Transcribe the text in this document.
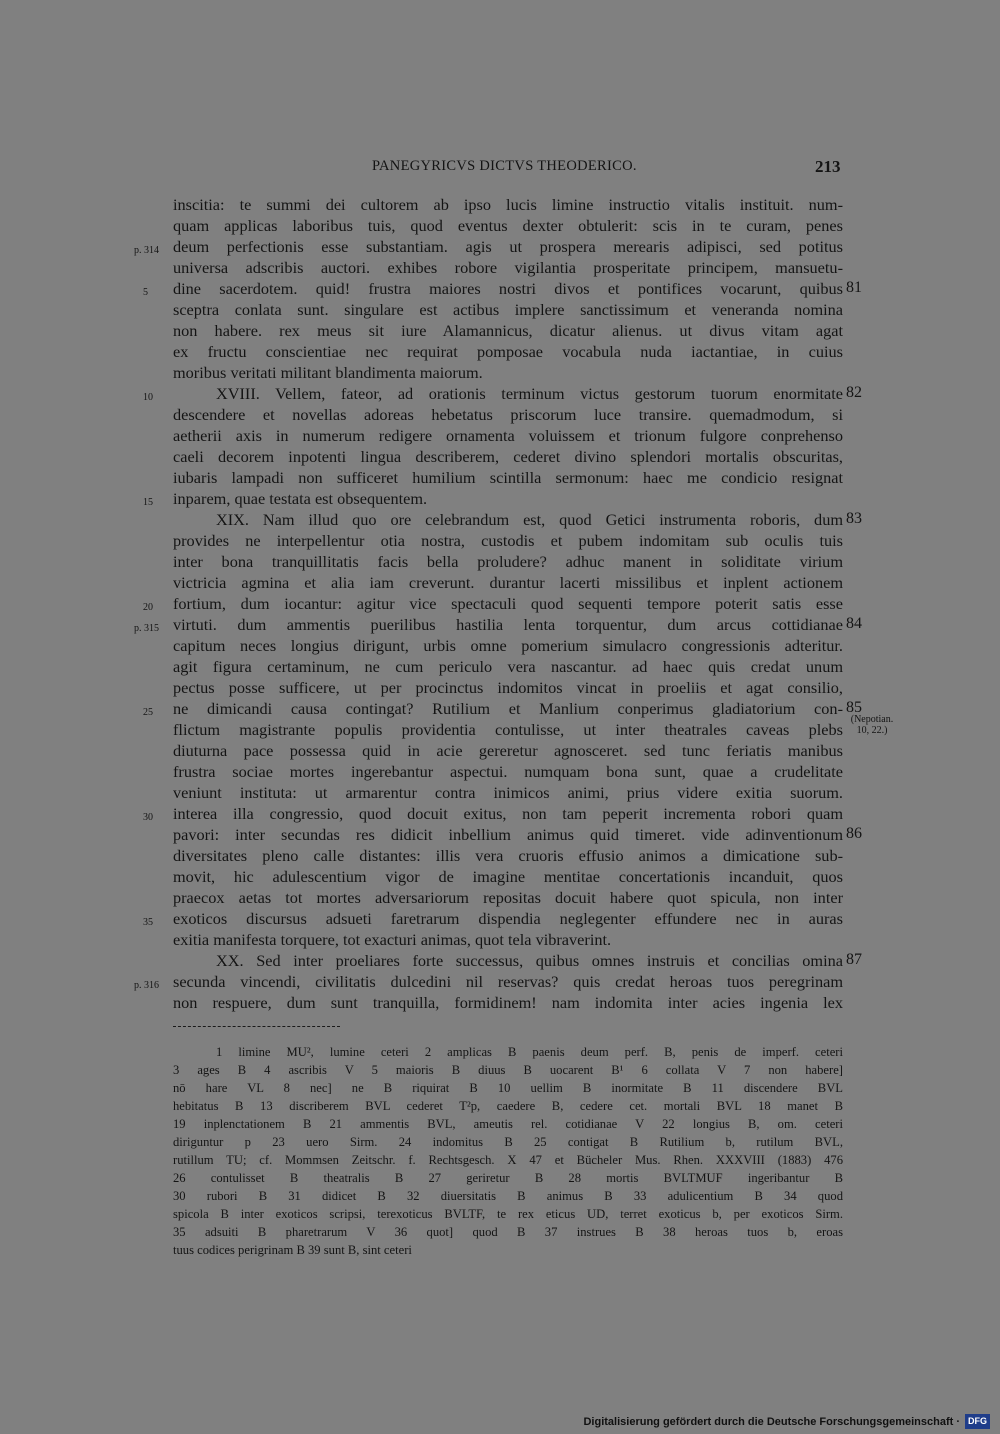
PANEGYRICVS DICTVS THEODERICO.	213
inscitia: te summi dei cultorem ab ipso lucis limine instructio vitalis instituit. num-
quam applicas laboribus tuis, quod eventus dexter obtulerit: scis in te curam, penes
deum perfectionis esse substantiam. agis ut prospera merearis adipisci, sed potitus
universa adscribis auctori. exhibes robore vigilantia prosperitate principem, mansuetu-
dine sacerdotem. quid! frustra maiores nostri divos et pontifices vocarunt, quibus
sceptra conlata sunt. singulare est actibus implere sanctissimum et veneranda nomina
non habere. rex meus sit iure Alamannicus, dicatur alienus. ut divus vitam agat
ex fructu conscientiae nec requirat pomposae vocabula nuda iactantiae, in cuius
moribus veritati militant blandimenta maiorum.
XVIII. Vellem, fateor, ad orationis terminum victus gestorum tuorum enormitate
descendere et novellas adoreas hebetatus priscorum luce transire. quemadmodum, si
aetherii axis in numerum redigere ornamenta voluissem et trionum fulgore conprehenso
caeli decorem inpotenti lingua describerem, cederet divino splendori mortalis obscuritas,
iubaris lampadi non sufficeret humilium scintilla sermonum: haec me condicio resignat
inparem, quae testata est obsequentem.
XIX. Nam illud quo ore celebrandum est, quod Getici instrumenta roboris, dum
provides ne interpellentur otia nostra, custodis et pubem indomitam sub oculis tuis
inter bona tranquillitatis facis bella proludere? adhuc manent in soliditate virium
victricia agmina et alia iam creverunt. durantur lacerti missilibus et inplent actionem
fortium, dum iocantur: agitur vice spectaculi quod sequenti tempore poterit satis esse
virtuti. dum ammentis puerilibus hastilia lenta torquentur, dum arcus cottidianae
capitum neces longius dirigunt, urbis omne pomerium simulacro congressionis adteritur.
agit figura certaminum, ne cum periculo vera nascantur. ad haec quis credat unum
pectus posse sufficere, ut per procinctus indomitos vincat in proeliis et agat consilio,
ne dimicandi causa contingat? Rutilium et Manlium conperimus gladiatorium con-
flictum magistrante populis providentia contulisse, ut inter theatrales caveas plebs
diuturna pace possessa quid in acie gereretur agnosceret. sed tunc feriatis manibus
frustra sociae mortes ingerebantur aspectui. numquam bona sunt, quae a crudelitate
veniunt instituta: ut armarentur contra inimicos animi, prius videre exitia suorum.
interea illa congressio, quod docuit exitus, non tam peperit incrementa robori quam
pavori: inter secundas res didicit inbellium animus quid timeret. vide adinventionum
diversitates pleno calle distantes: illis vera cruoris effusio animos a dimicatione sub-
movit, hic adulescentium vigor de imagine mentitae concertationis incanduit, quos
praecox aetas tot mortes adversariorum repositas docuit habere quot spicula, non inter
exoticos discursus adsueti faretrarum dispendia neglegenter effundere nec in auras
exitia manifesta torquere, tot exacturi animas, quot tela vibraverint.
XX. Sed inter proeliares forte successus, quibus omnes instruis et concilias omina
secunda vincendi, civilitatis dulcedini nil reservas? quis credat heroas tuos peregrinam
non respuere, dum sunt tranquilla, formidinem! nam indomita inter acies ingenia lex
5
10
15
20
25
30
35
p. 314
p. 315
p. 316
81
82
83
84
85
86
87
(Nepotian.
10, 22.)
1 limine MU², lumine ceteri 2 amplicas B paenis deum perf. B, penis de imperf. ceteri
3 ages B 4 ascribis V 5 maioris B diuus B uocarent B¹ 6 collata V 7 non habere]
nō hare VL 8 nec] ne B riquirat B 10 uellim B inormitate B 11 discendere BVL
hebitatus B 13 discriberem BVL cederet T²p, caedere B, cedere cet. mortali BVL 18 manet B
19 inplenctationem B 21 ammentis BVL, ameutis rel. cotidianae V 22 longius B, om. ceteri
diriguntur p 23 uero Sirm. 24 indomitus B 25 contigat B Rutilium b, rutilum BVL,
rutillum TU; cf. Mommsen Zeitschr. f. Rechtsgesch. X 47 et Bücheler Mus. Rhen. XXXVIII (1883) 476
26 contulisset B theatralis B 27 geriretur B 28 mortis BVLTMUF ingeribantur B
30 rubori B 31 didicet B 32 diuersitatis B animus B 33 adulicentium B 34 quod
spicola B inter exoticos scripsi, terexoticus BVLTF, te rex eticus UD, terret exoticus b, per exoticos Sirm.
35 adsuiti B pharetrarum V 36 quot] quod B 37 instrues B 38 heroas tuos b, eroas
tuus codices perigrinam B 39 sunt B, sint ceteri
Digitalisierung gefördert durch die Deutsche Forschungsgemeinschaft · DFG
